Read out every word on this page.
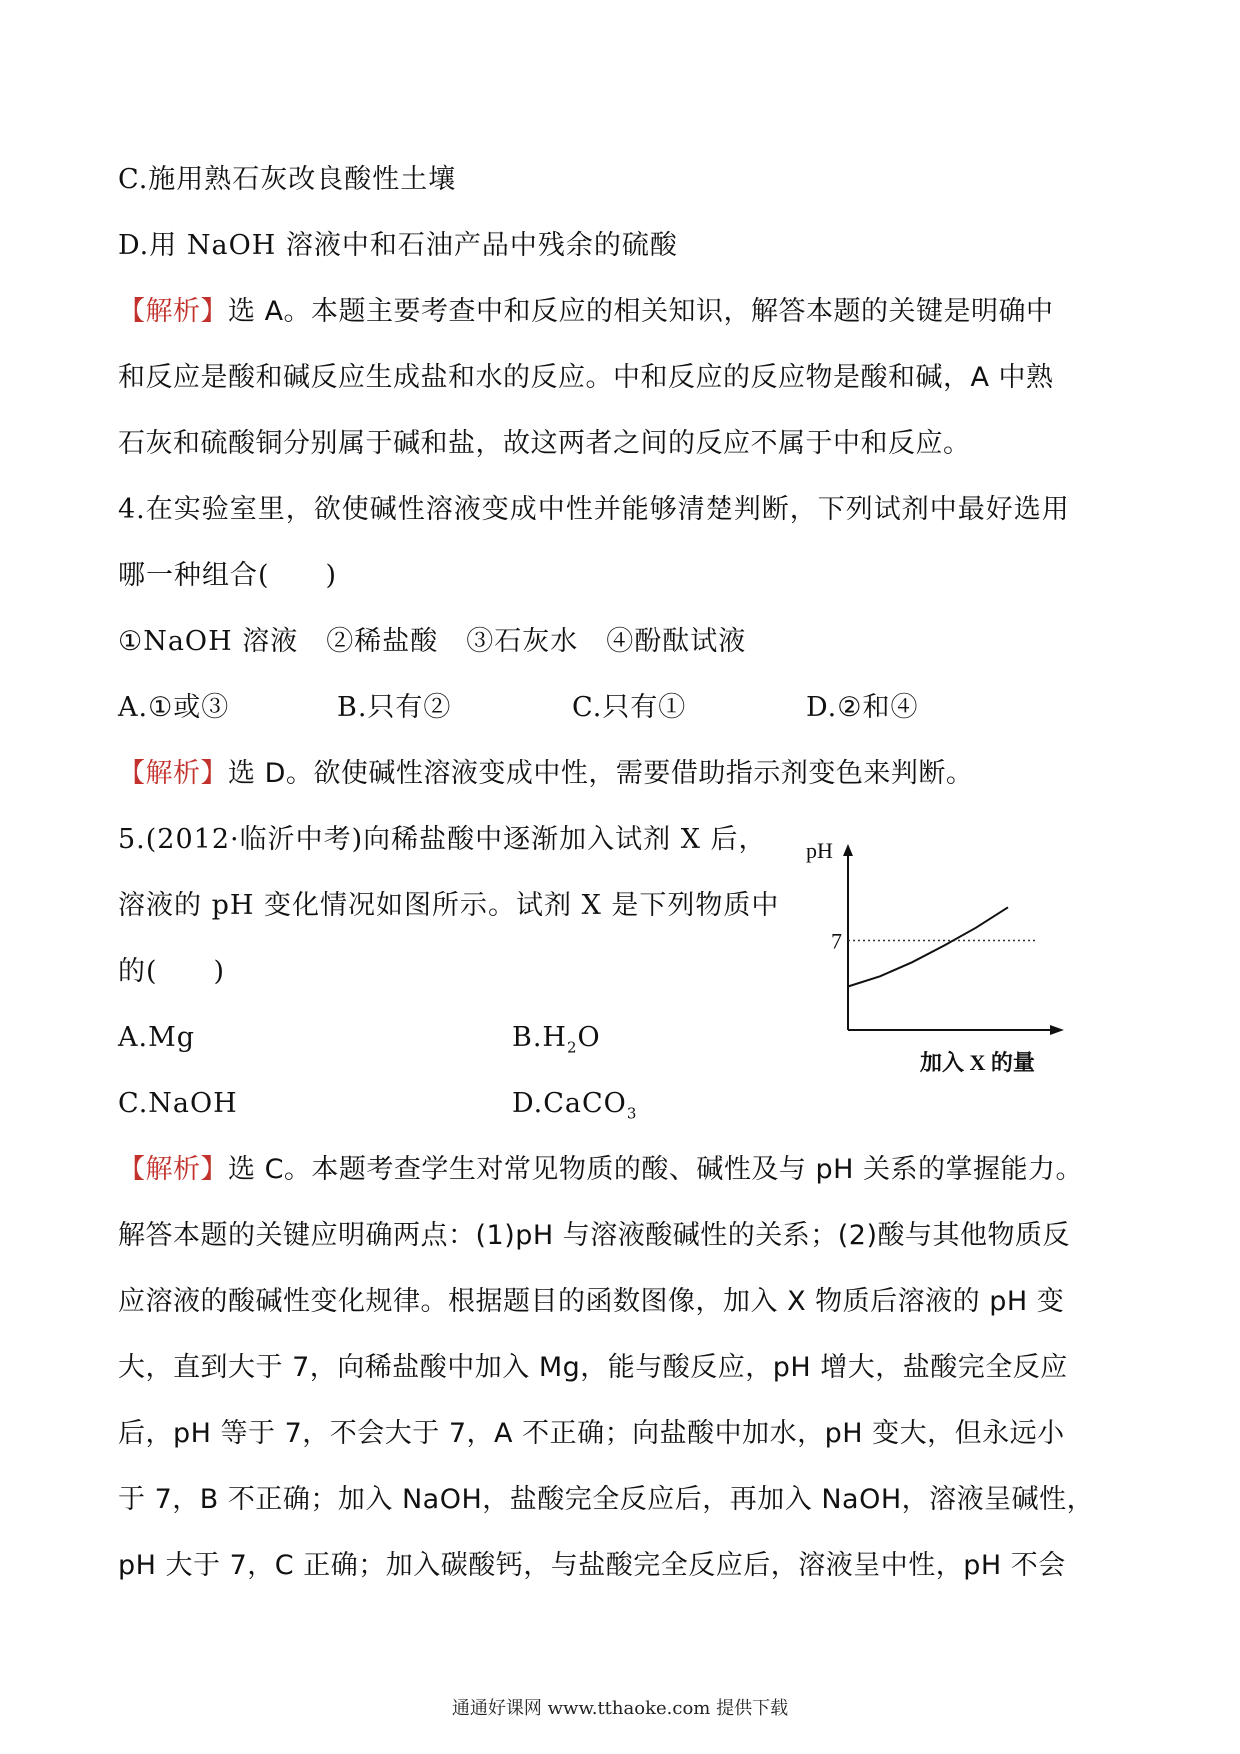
C.施用熟石灰改良酸性土壤
D.用 NaOH 溶液中和石油产品中残余的硫酸
【解析】选 A。本题主要考查中和反应的相关知识，解答本题的关键是明确中
和反应是酸和碱反应生成盐和水的反应。中和反应的反应物是酸和碱，A 中熟
石灰和硫酸铜分别属于碱和盐，故这两者之间的反应不属于中和反应。
4.在实验室里，欲使碱性溶液变成中性并能够清楚判断，下列试剂中最好选用
哪一种组合(　　)
①NaOH 溶液　②稀盐酸　③石灰水　④酚酞试液
A.①或③	B.只有②	C.只有①	D.②和④
【解析】选 D。欲使碱性溶液变成中性，需要借助指示剂变色来判断。
5.(2012·临沂中考)向稀盐酸中逐渐加入试剂 X 后，
溶液的 pH 变化情况如图所示。试剂 X 是下列物质中
的(　　)
A.Mg	$B.H_2O$
C.NaOH	D.CaCO$_3$
7
pH
加入 X 的量
【解析】选 C。本题考查学生对常见物质的酸、碱性及与 pH 关系的掌握能力。
解答本题的关键应明确两点：(1)pH 与溶液酸碱性的关系；(2)酸与其他物质反
应溶液的酸碱性变化规律。根据题目的函数图像，加入 X 物质后溶液的 pH 变
大，直到大于 7，向稀盐酸中加入 Mg，能与酸反应，pH 增大，盐酸完全反应
后，pH 等于 7，不会大于 7，A 不正确；向盐酸中加水，pH 变大，但永远小
于 7，B 不正确；加入 NaOH，盐酸完全反应后，再加入 NaOH，溶液呈碱性，
pH 大于 7，C 正确；加入碳酸钙，与盐酸完全反应后，溶液呈中性，pH 不会
通通好课网 www.tthaoke.com 提供下载
